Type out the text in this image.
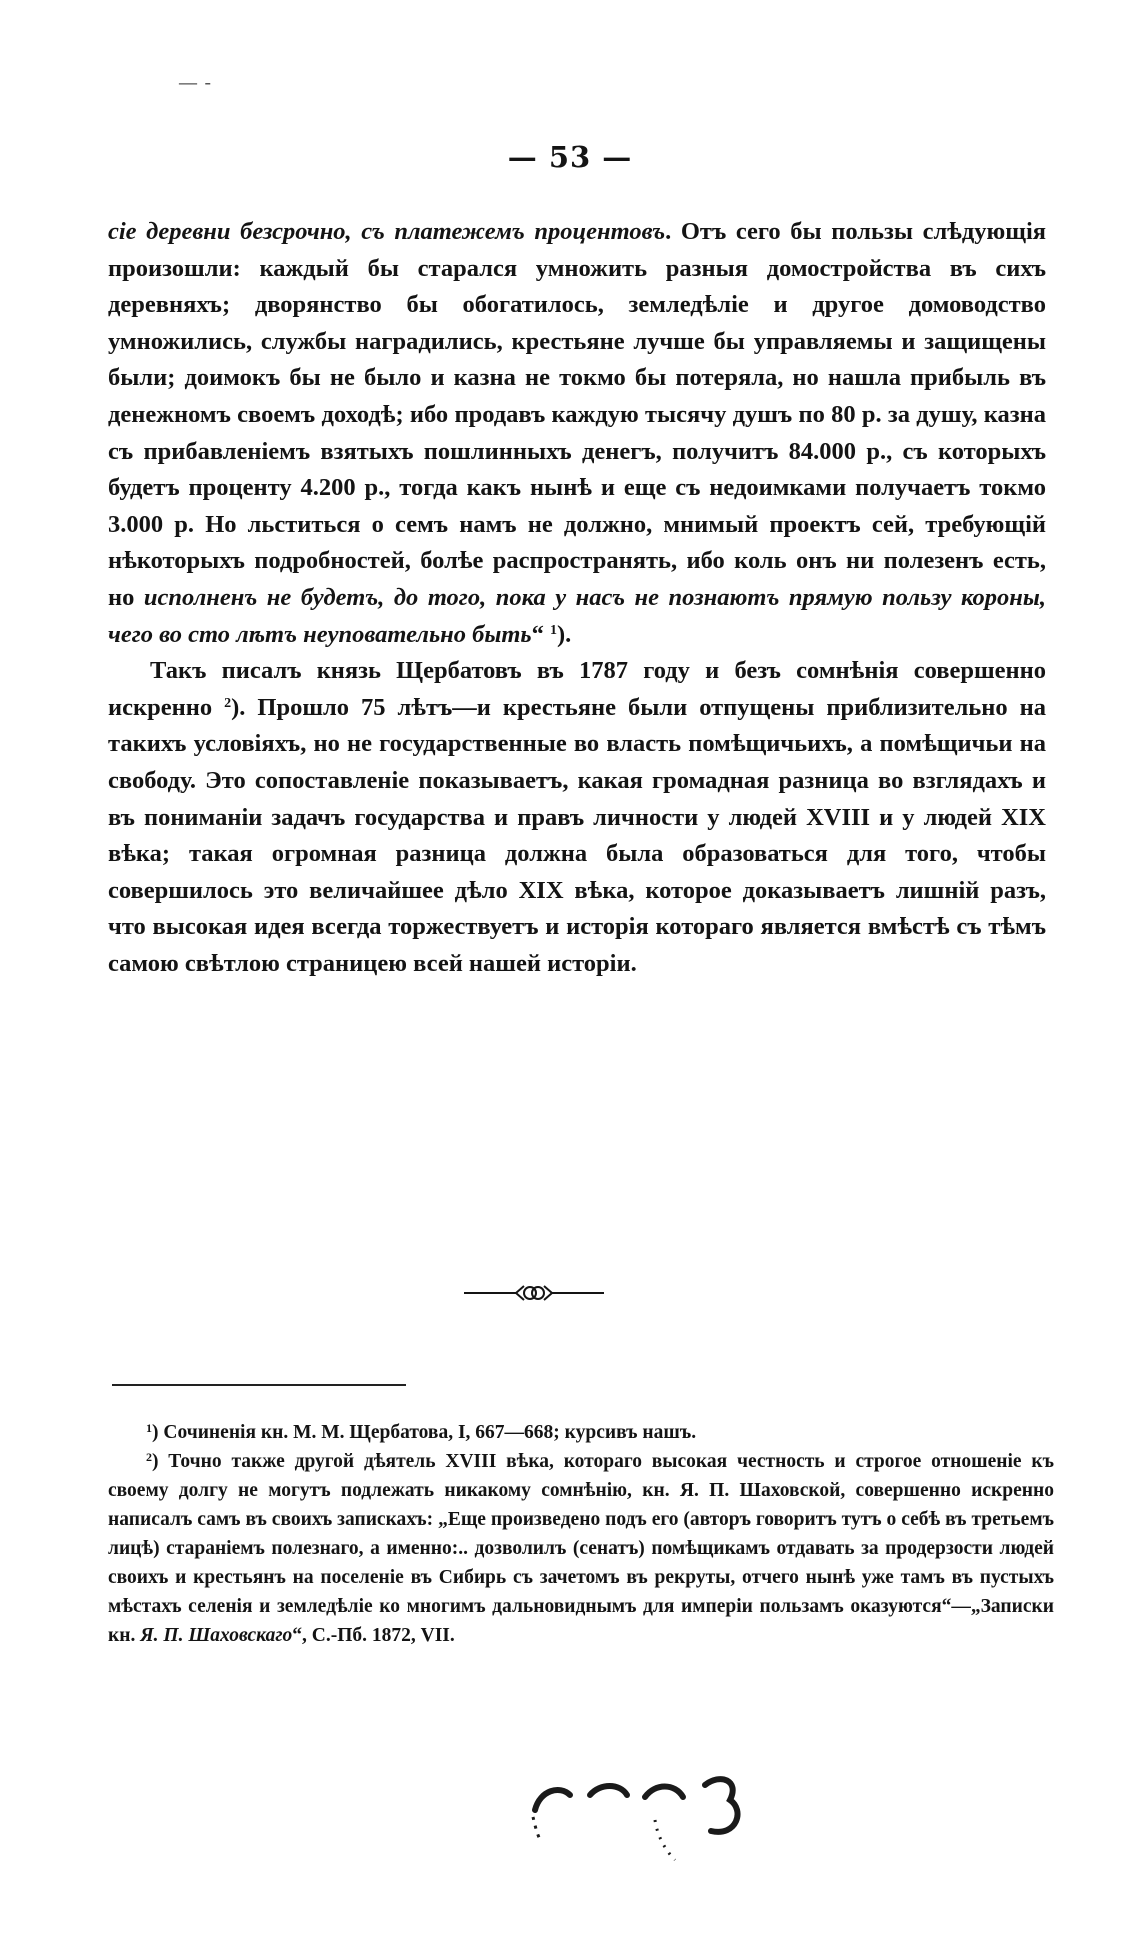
— -
— 53 —

сіе деревни безсрочно, съ платежемъ процентовъ. Отъ сего бы пользы слѣдующія произошли: каждый бы старался умножить разныя домостройства въ сихъ деревняхъ; дворянство бы обогатилось, земледѣліе и другое домоводство умножились, службы наградились, крестьяне лучше бы управляемы и защищены были; доимокъ бы не было и казна не токмо бы потеряла, но нашла прибыль въ денежномъ своемъ доходѣ; ибо продавъ каждую тысячу душъ по 80 р. за душу, казна съ прибавленіемъ взятыхъ пошлинныхъ денегъ, получитъ 84.000 р., съ которыхъ будетъ проценту 4.200 р., тогда какъ нынѣ и еще съ недоимками получаетъ токмо 3.000 р. Но льститься о семъ намъ не должно, мнимый проектъ сей, требующій нѣкоторыхъ подробностей, болѣе распространять, ибо коль онъ ни полезенъ есть, но исполненъ не будетъ, до того, пока у насъ не познаютъ прямую пользу короны, чего во сто лѣтъ неуповательно быть“ $^1$).

Такъ писалъ князь Щербатовъ въ 1787 году и безъ сомнѣнія совершенно искренно $^2$). Прошло 75 лѣтъ—и крестьяне были отпущены приблизительно на такихъ условіяхъ, но не государственные во власть помѣщичьихъ, а помѣщичьи на свободу. Это сопоставленіе показываетъ, какая громадная разница во взглядахъ и въ пониманіи задачъ государства и правъ личности у людей XVIII и у людей XIX вѣка; такая огромная разница должна была образоваться для того, чтобы совершилось это величайшее дѣло XIX вѣка, которое доказываетъ лишній разъ, что высокая идея всегда торжествуетъ и исторія котораго является вмѣстѣ съ тѣмъ самою свѣтлою страницею всей нашей исторіи.

$^1$) Сочиненія кн. М. М. Щербатова, I, 667—668; курсивъ нашъ.

$^2$) Точно также другой дѣятель XVIII вѣка, котораго высокая честность и строгое отношеніе къ своему долгу не могутъ подлежать никакому сомнѣнію, кн. Я. П. Шаховской, совершенно искренно написалъ самъ въ своихъ запискахъ: „Еще произведено подъ его (авторъ говоритъ тутъ о себѣ въ третьемъ лицѣ) стараніемъ полезнаго, а именно:.. дозволилъ (сенатъ) помѣщикамъ отдавать за продерзости людей своихъ и крестьянъ на поселеніе въ Сибирь съ зачетомъ въ рекруты, отчего нынѣ уже тамъ въ пустыхъ мѣстахъ селенія и земледѣліе ко многимъ дальновиднымъ для имперіи пользамъ оказуются“—„Записки кн. Я. П. Шаховскаго“, С.-Пб. 1872, VII.
